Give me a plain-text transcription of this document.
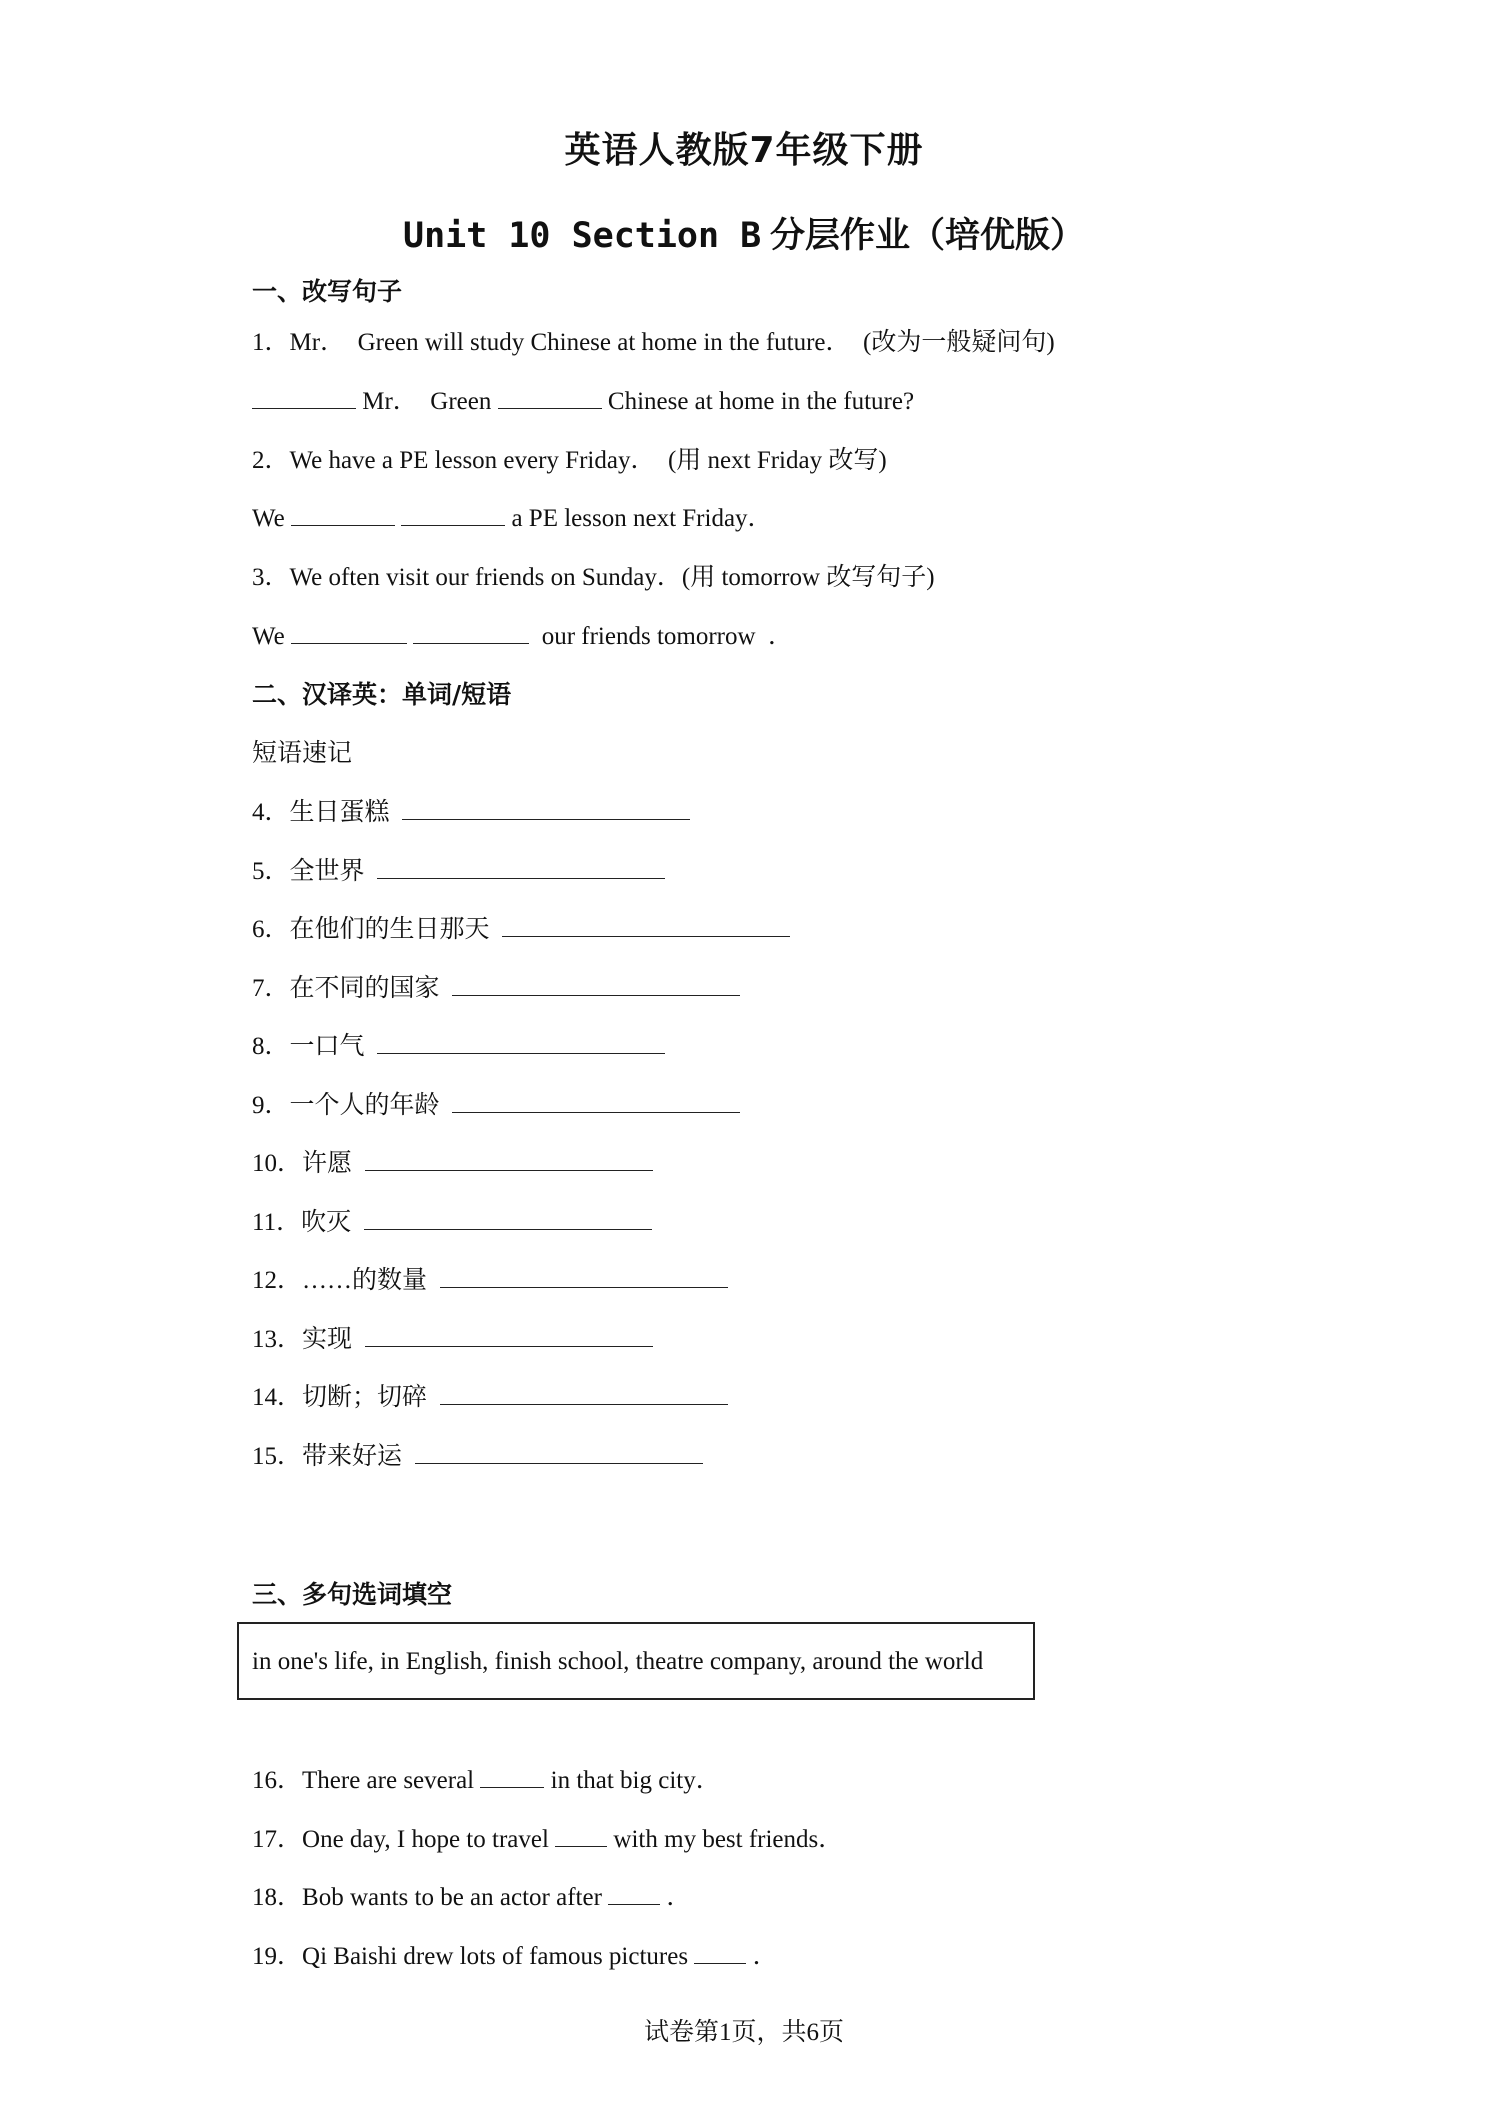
英语人教版7年级下册
Unit 10 Section B 分层作业（培优版）
一、改写句子
1．Mr．  Green will study Chinese at home in the future．  (改为一般疑问句)
Mr．  Green	Chinese at home in the future?
2．We have a PE lesson every Friday．  (用 next Friday 改写)
We	a PE lesson next Friday．
3．We often visit our friends on Sunday．(用 tomorrow 改写句子)
We	our friends tomorrow  ．
二、汉译英：单词/短语
短语速记
4．生日蛋糕
5．全世界
6．在他们的生日那天
7．在不同的国家
8．一口气
9．一个人的年龄
10．许愿
11．吹灭
12．……的数量
13．实现
14．切断；切碎
15．带来好运
三、多句选词填空
in one's life, in English, finish school, theatre company, around the world
16．There are several	in that big city．
17．One day, I hope to travel	with my best friends．
18．Bob wants to be an actor after	．
19．Qi Baishi drew lots of famous pictures	．
试卷第1页，共6页
